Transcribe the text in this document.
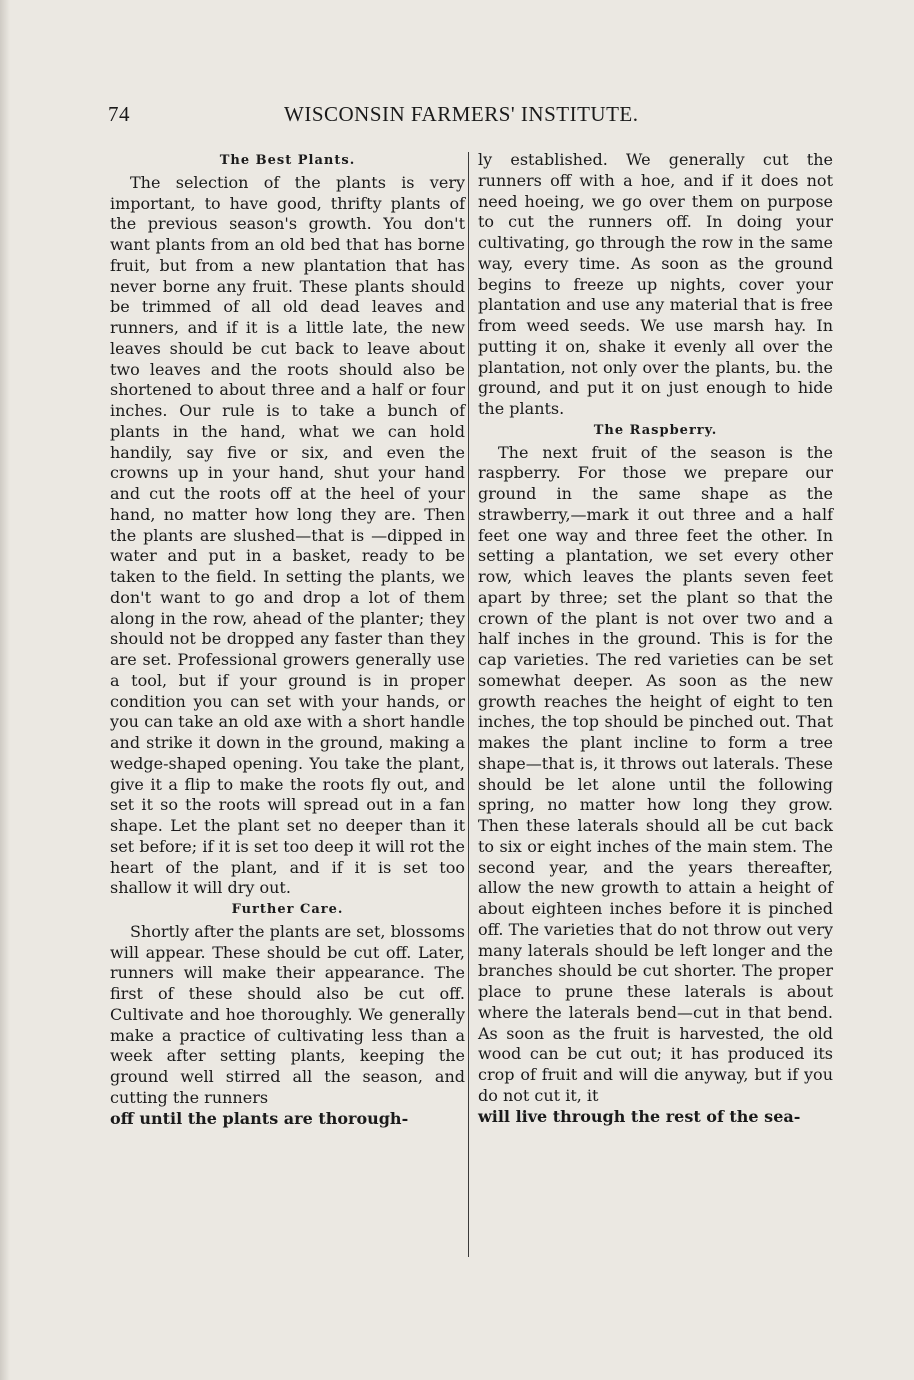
74	WISCONSIN FARMERS' INSTITUTE.
The Best Plants.

The selection of the plants is very important, to have good, thrifty plants of the previous season's growth. You don't want plants from an old bed that has borne fruit, but from a new plantation that has never borne any fruit. These plants should be trimmed of all old dead leaves and runners, and if it is a little late, the new leaves should be cut back to leave about two leaves and the roots should also be shortened to about three and a half or four inches. Our rule is to take a bunch of plants in the hand, what we can hold handily, say five or six, and even the crowns up in your hand, shut your hand and cut the roots off at the heel of your hand, no matter how long they are. Then the plants are slushed—that is —dipped in water and put in a basket, ready to be taken to the field. In setting the plants, we don't want to go and drop a lot of them along in the row, ahead of the planter; they should not be dropped any faster than they are set. Professional growers generally use a tool, but if your ground is in proper condition you can set with your hands, or you can take an old axe with a short handle and strike it down in the ground, making a wedge-shaped opening. You take the plant, give it a flip to make the roots fly out, and set it so the roots will spread out in a fan shape. Let the plant set no deeper than it set before; if it is set too deep it will rot the heart of the plant, and if it is set too shallow it will dry out.

Further Care.

Shortly after the plants are set, blossoms will appear. These should be cut off. Later, runners will make their appearance. The first of these should also be cut off. Cultivate and hoe thoroughly. We generally make a practice of cultivating less than a week after setting plants, keeping the ground well stirred all the season, and cutting the runners

off until the plants are thorough-

ly established. We generally cut the runners off with a hoe, and if it does not need hoeing, we go over them on purpose to cut the runners off. In doing your cultivating, go through the row in the same way, every time. As soon as the ground begins to freeze up nights, cover your plantation and use any material that is free from weed seeds. We use marsh hay. In putting it on, shake it evenly all over the plantation, not only over the plants, bu. the ground, and put it on just enough to hide the plants.

The Raspberry.

The next fruit of the season is the raspberry. For those we prepare our ground in the same shape as the strawberry,—mark it out three and a half feet one way and three feet the other. In setting a plantation, we set every other row, which leaves the plants seven feet apart by three; set the plant so that the crown of the plant is not over two and a half inches in the ground. This is for the cap varieties. The red varieties can be set somewhat deeper. As soon as the new growth reaches the height of eight to ten inches, the top should be pinched out. That makes the plant incline to form a tree shape—that is, it throws out laterals. These should be let alone until the following spring, no matter how long they grow. Then these laterals should all be cut back to six or eight inches of the main stem. The second year, and the years thereafter, allow the new growth to attain a height of about eighteen inches before it is pinched off. The varieties that do not throw out very many laterals should be left longer and the branches should be cut shorter. The proper place to prune these laterals is about where the laterals bend—cut in that bend. As soon as the fruit is harvested, the old wood can be cut out; it has produced its crop of fruit and will die anyway, but if you do not cut it, it

will live through the rest of the sea-
